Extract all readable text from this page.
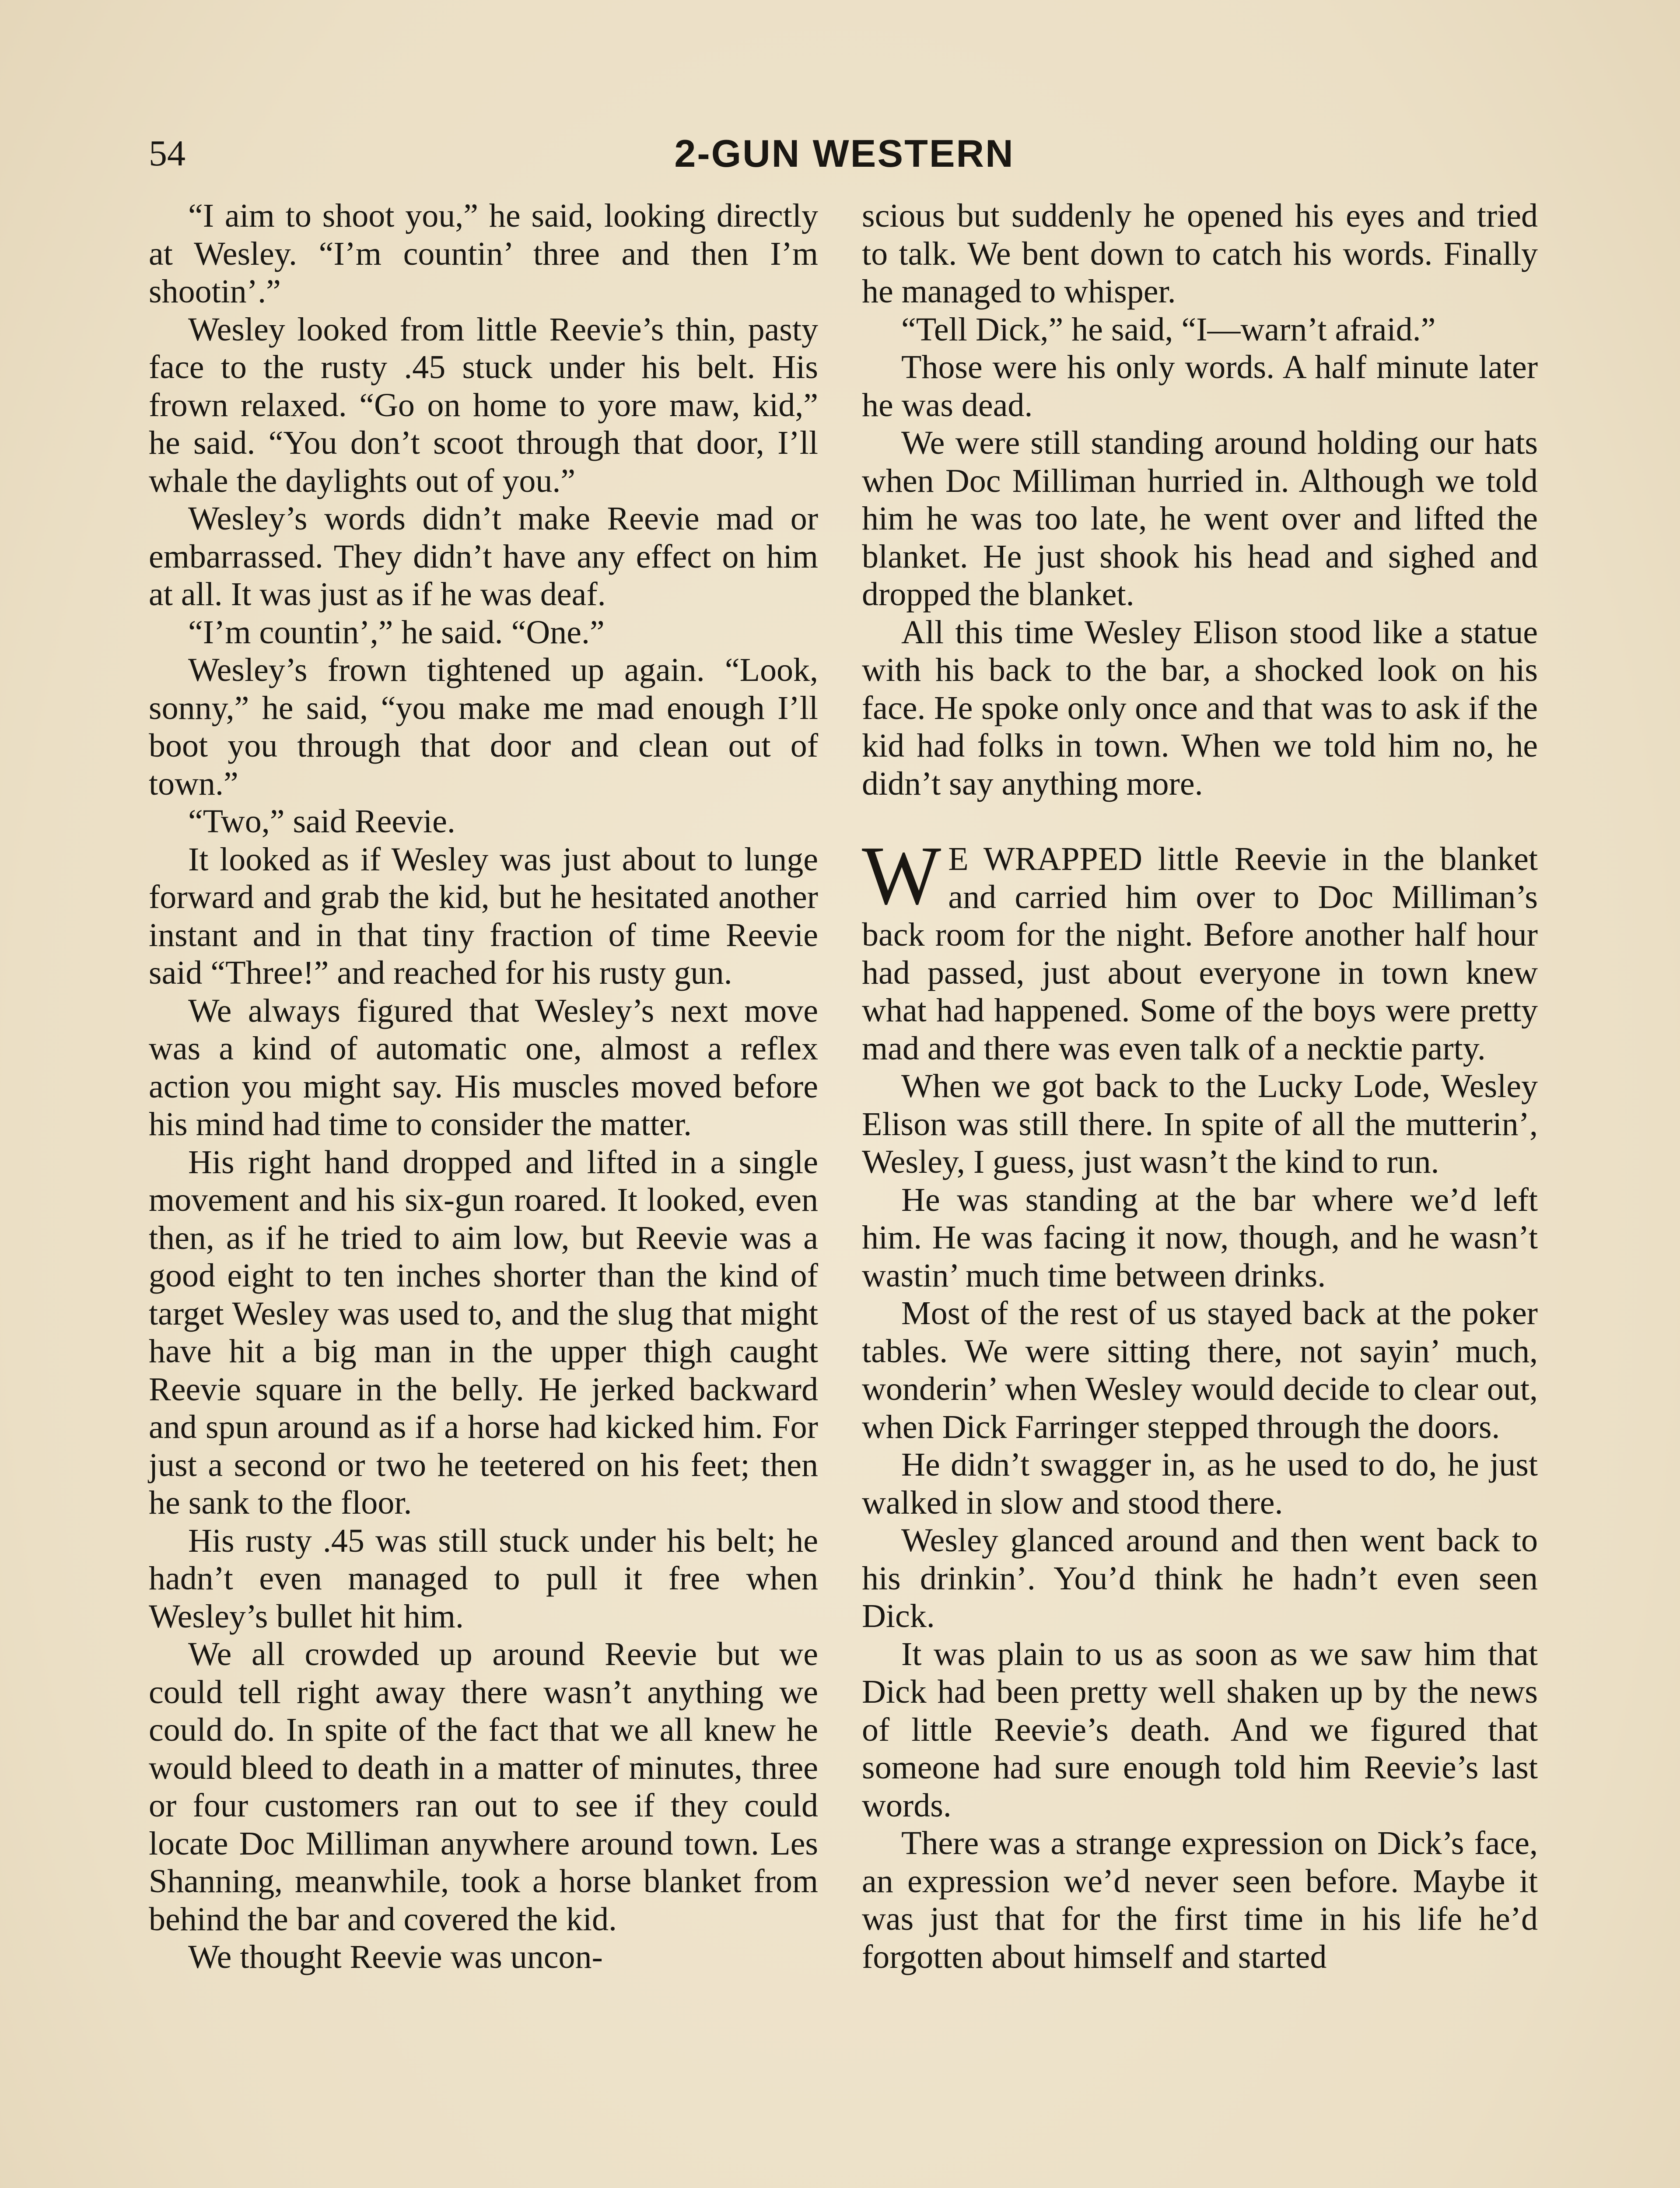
54	2-GUN WESTERN

“I aim to shoot you,” he said, looking directly at Wesley. “I’m countin’ three and then I’m shootin’.”

Wesley looked from little Reevie’s thin, pasty face to the rusty .45 stuck under his belt. His frown relaxed. “Go on home to yore maw, kid,” he said. “You don’t scoot through that door, I’ll whale the daylights out of you.”

Wesley’s words didn’t make Reevie mad or embarrassed. They didn’t have any effect on him at all. It was just as if he was deaf.

“I’m countin’,” he said. “One.”

Wesley’s frown tightened up again. “Look, sonny,” he said, “you make me mad enough I’ll boot you through that door and clean out of town.”

“Two,” said Reevie.

It looked as if Wesley was just about to lunge forward and grab the kid, but he hesitated another instant and in that tiny fraction of time Reevie said “Three!” and reached for his rusty gun.

We always figured that Wesley’s next move was a kind of automatic one, almost a reflex action you might say. His muscles moved before his mind had time to consider the matter.

His right hand dropped and lifted in a single movement and his six-gun roared. It looked, even then, as if he tried to aim low, but Reevie was a good eight to ten inches shorter than the kind of target Wesley was used to, and the slug that might have hit a big man in the upper thigh caught Reevie square in the belly. He jerked backward and spun around as if a horse had kicked him. For just a second or two he teetered on his feet; then he sank to the floor.

His rusty .45 was still stuck under his belt; he hadn’t even managed to pull it free when Wesley’s bullet hit him.

We all crowded up around Reevie but we could tell right away there wasn’t anything we could do. In spite of the fact that we all knew he would bleed to death in a matter of minutes, three or four customers ran out to see if they could locate Doc Milliman anywhere around town. Les Shanning, meanwhile, took a horse blanket from behind the bar and covered the kid.

We thought Reevie was uncon-

scious but suddenly he opened his eyes and tried to talk. We bent down to catch his words. Finally he managed to whisper.

“Tell Dick,” he said, “I—warn’t afraid.”

Those were his only words. A half minute later he was dead.

We were still standing around holding our hats when Doc Milliman hurried in. Although we told him he was too late, he went over and lifted the blanket. He just shook his head and sighed and dropped the blanket.

All this time Wesley Elison stood like a statue with his back to the bar, a shocked look on his face. He spoke only once and that was to ask if the kid had folks in town. When we told him no, he didn’t say anything more.

WE WRAPPED little Reevie in the blanket and carried him over to Doc Milliman’s back room for the night. Before another half hour had passed, just about everyone in town knew what had happened. Some of the boys were pretty mad and there was even talk of a necktie party.

When we got back to the Lucky Lode, Wesley Elison was still there. In spite of all the mutterin’, Wesley, I guess, just wasn’t the kind to run.

He was standing at the bar where we’d left him. He was facing it now, though, and he wasn’t wastin’ much time between drinks.

Most of the rest of us stayed back at the poker tables. We were sitting there, not sayin’ much, wonderin’ when Wesley would decide to clear out, when Dick Farringer stepped through the doors.

He didn’t swagger in, as he used to do, he just walked in slow and stood there.

Wesley glanced around and then went back to his drinkin’. You’d think he hadn’t even seen Dick.

It was plain to us as soon as we saw him that Dick had been pretty well shaken up by the news of little Reevie’s death. And we figured that someone had sure enough told him Reevie’s last words.

There was a strange expression on Dick’s face, an expression we’d never seen before. Maybe it was just that for the first time in his life he’d forgotten about himself and started
